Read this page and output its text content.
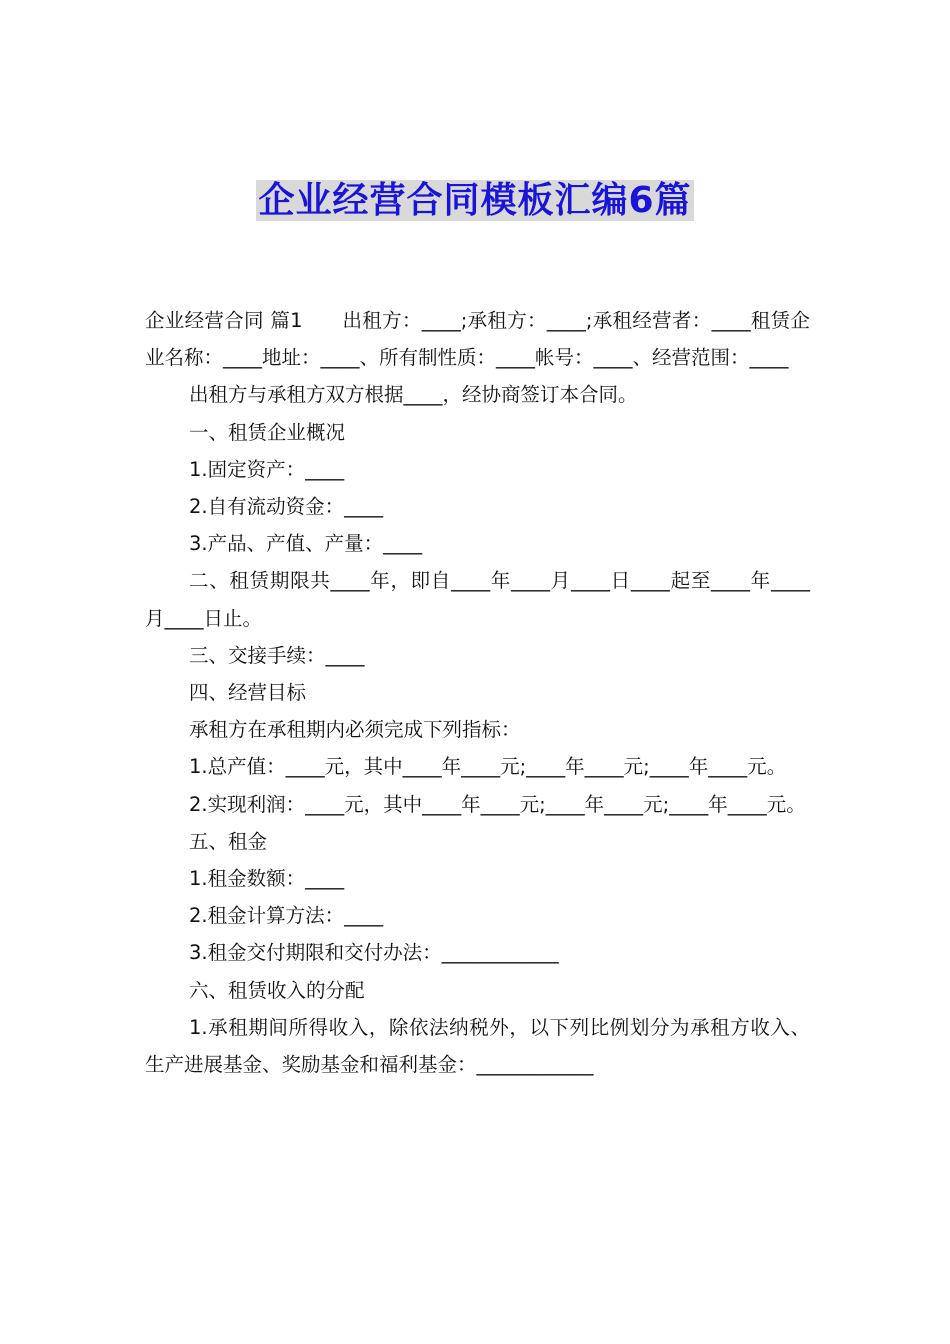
企业经营合同模板汇编6篇

企业经营合同 篇1　　出租方：____;承租方：____;承租经营者：____租赁企业名称：____地址：____、所有制性质：____帐号：____、经营范围：____

出租方与承租方双方根据____，经协商签订本合同。

一、租赁企业概况

1.固定资产：____

2.自有流动资金：____

3.产品、产值、产量：____

二、租赁期限共____年，即自____年____月____日____起至____年____月____日止。

三、交接手续：____

四、经营目标

承租方在承租期内必须完成下列指标：

1.总产值：____元，其中____年____元;____年____元;____年____元。

2.实现利润：____元，其中____年____元;____年____元;____年____元。

五、租金

1.租金数额：____

2.租金计算方法：____

3.租金交付期限和交付办法：____________

六、租赁收入的分配

1.承租期间所得收入，除依法纳税外，以下列比例划分为承租方收入、生产进展基金、奖励基金和福利基金：____________
